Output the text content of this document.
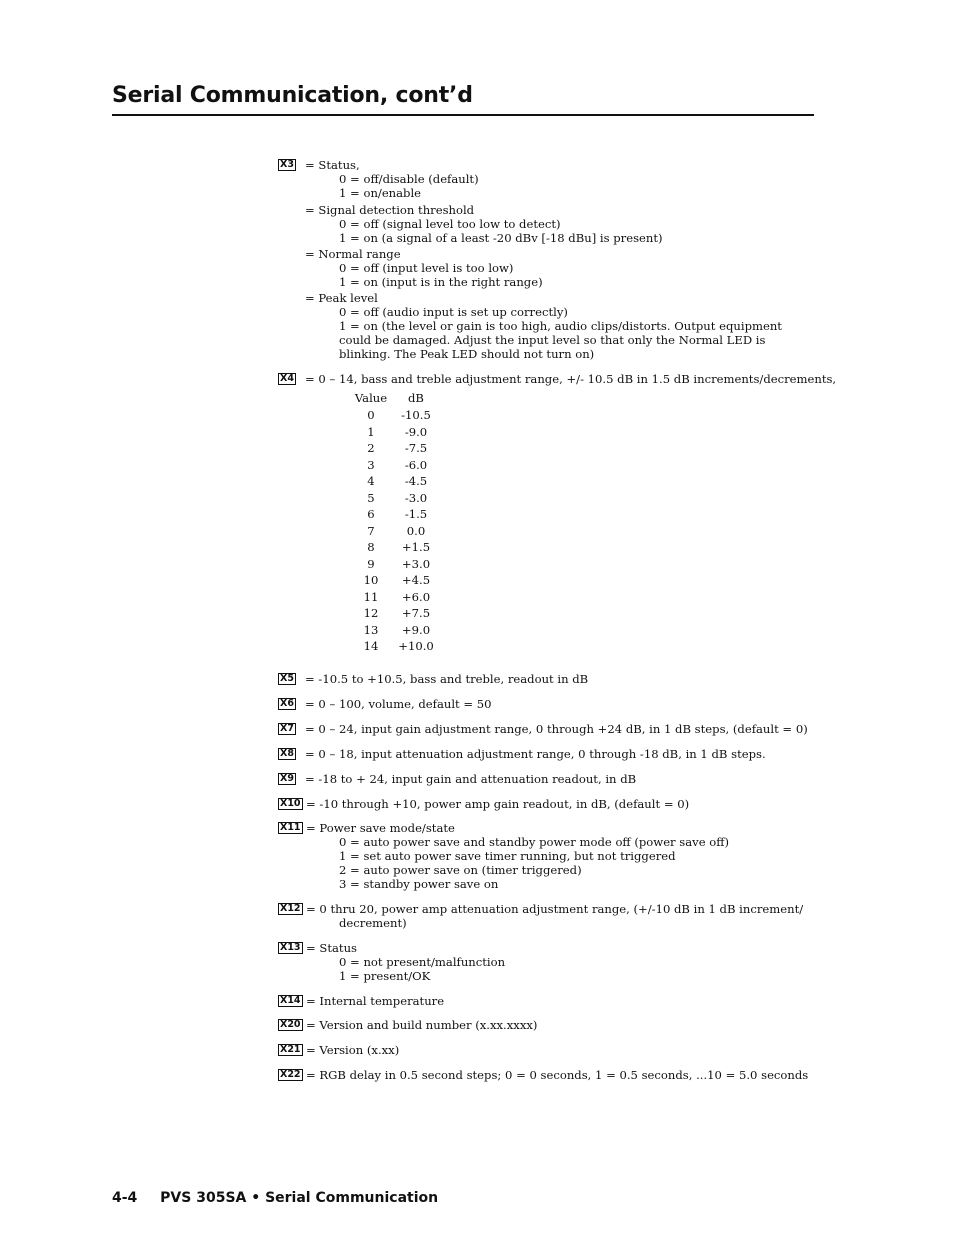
Serial Communication, cont’d
X3 = Status,
0 = off/disable (default)
1 = on/enable
= Signal detection threshold
0 = off (signal level too low to detect)
1 = on (a signal of a least -20 dBv [-18 dBu] is present)
= Normal range
0 = off (input level is too low)
1 = on (input is in the right range)
= Peak level
0 = off (audio input is set up correctly)
1 = on (the level or gain is too high, audio clips/distorts. Output equipment could be damaged. Adjust the input level so that only the Normal LED is blinking. The Peak LED should not turn on)
X4 = 0 – 14, bass and treble adjustment range, +/- 10.5 dB in 1.5 dB increments/decrements,
Value	dB
0	-10.5
1	-9.0
2	-7.5
3	-6.0
4	-4.5
5	-3.0
6	-1.5
7	0.0
8	+1.5
9	+3.0
10	+4.5
11	+6.0
12	+7.5
13	+9.0
14	+10.0
X5 = -10.5 to +10.5, bass and treble, readout in dB
X6 = 0 – 100, volume, default = 50
X7 = 0 – 24, input gain adjustment range, 0 through +24 dB, in 1 dB steps, (default = 0)
X8 = 0 – 18, input attenuation adjustment range, 0 through -18 dB, in 1 dB steps.
X9 = -18 to + 24, input gain and attenuation readout, in dB
X10 = -10 through +10, power amp gain readout, in dB, (default = 0)
X11 = Power save mode/state
0 = auto power save and standby power mode off (power save off)
1 = set auto power save timer running, but not triggered
2 = auto power save on (timer triggered)
3 = standby power save on
X12 = 0 thru 20, power amp attenuation adjustment range, (+/-10 dB in 1 dB increment/
decrement)
X13 = Status
0 = not present/malfunction
1 = present/OK
X14 = Internal temperature
X20 = Version and build number (x.xx.xxxx)
X21 = Version (x.xx)
X22 = RGB delay in 0.5 second steps; 0 = 0 seconds, 1 = 0.5 seconds, ...10 = 5.0 seconds
4-4 PVS 305SA • Serial Communication
